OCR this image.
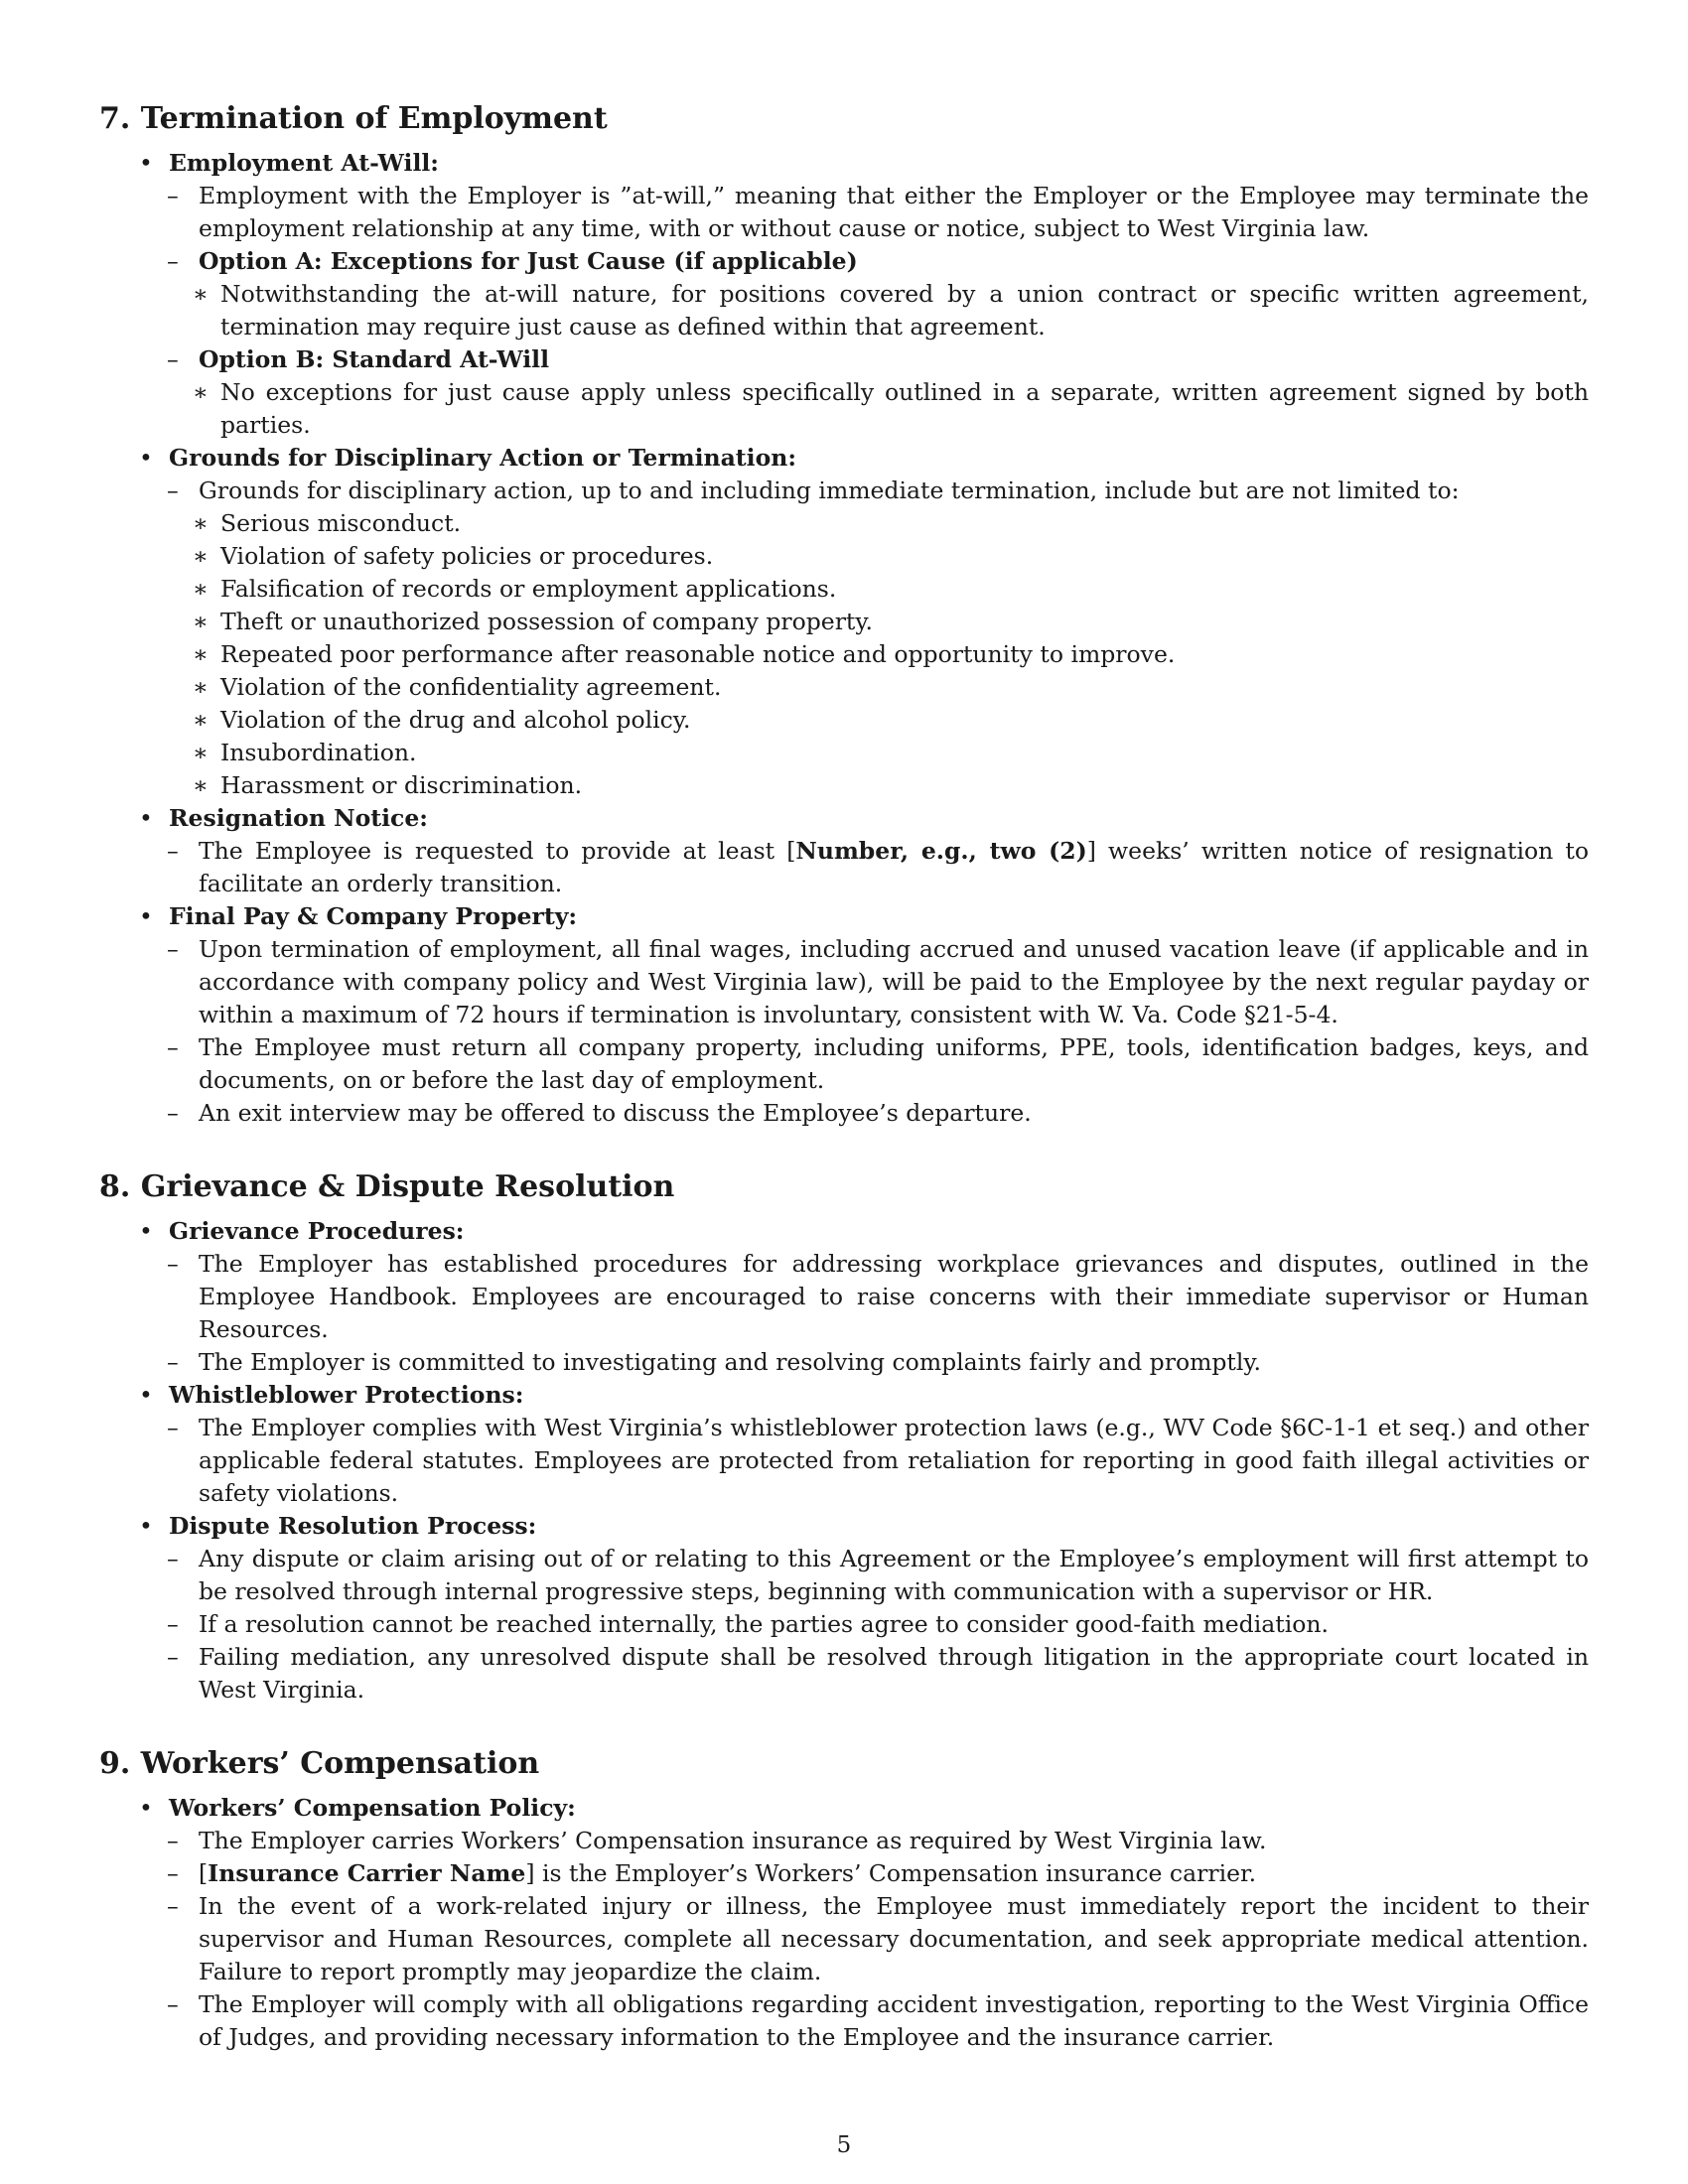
7. Termination of Employment
• Employment At-Will:
– Employment with the Employer is ”at-will,” meaning that either the Employer or the Employee may terminate the employment relationship at any time, with or without cause or notice, subject to West Virginia law.
– Option A: Exceptions for Just Cause (if applicable)
∗ Notwithstanding the at-will nature, for positions covered by a union contract or specific written agreement, termination may require just cause as defined within that agreement.
– Option B: Standard At-Will
∗ No exceptions for just cause apply unless specifically outlined in a separate, written agreement signed by both parties.
• Grounds for Disciplinary Action or Termination:
– Grounds for disciplinary action, up to and including immediate termination, include but are not limited to:
∗ Serious misconduct.
∗ Violation of safety policies or procedures.
∗ Falsification of records or employment applications.
∗ Theft or unauthorized possession of company property.
∗ Repeated poor performance after reasonable notice and opportunity to improve.
∗ Violation of the confidentiality agreement.
∗ Violation of the drug and alcohol policy.
∗ Insubordination.
∗ Harassment or discrimination.
• Resignation Notice:
– The Employee is requested to provide at least [Number, e.g., two (2)] weeks’ written notice of resignation to facilitate an orderly transition.
• Final Pay & Company Property:
– Upon termination of employment, all final wages, including accrued and unused vacation leave (if applicable and in accordance with company policy and West Virginia law), will be paid to the Employee by the next regular payday or within a maximum of 72 hours if termination is involuntary, consistent with W. Va. Code §21-5-4.
– The Employee must return all company property, including uniforms, PPE, tools, identification badges, keys, and documents, on or before the last day of employment.
– An exit interview may be offered to discuss the Employee’s departure.
8. Grievance & Dispute Resolution
• Grievance Procedures:
– The Employer has established procedures for addressing workplace grievances and disputes, outlined in the Employee Handbook. Employees are encouraged to raise concerns with their immediate supervisor or Human Resources.
– The Employer is committed to investigating and resolving complaints fairly and promptly.
• Whistleblower Protections:
– The Employer complies with West Virginia’s whistleblower protection laws (e.g., WV Code §6C-1-1 et seq.) and other applicable federal statutes. Employees are protected from retaliation for reporting in good faith illegal activities or safety violations.
• Dispute Resolution Process:
– Any dispute or claim arising out of or relating to this Agreement or the Employee’s employment will first attempt to be resolved through internal progressive steps, beginning with communication with a supervisor or HR.
– If a resolution cannot be reached internally, the parties agree to consider good-faith mediation.
– Failing mediation, any unresolved dispute shall be resolved through litigation in the appropriate court located in West Virginia.
9. Workers’ Compensation
• Workers’ Compensation Policy:
– The Employer carries Workers’ Compensation insurance as required by West Virginia law.
– [Insurance Carrier Name] is the Employer’s Workers’ Compensation insurance carrier.
– In the event of a work-related injury or illness, the Employee must immediately report the incident to their supervisor and Human Resources, complete all necessary documentation, and seek appropriate medical attention. Failure to report promptly may jeopardize the claim.
– The Employer will comply with all obligations regarding accident investigation, reporting to the West Virginia Office of Judges, and providing necessary information to the Employee and the insurance carrier.
5
